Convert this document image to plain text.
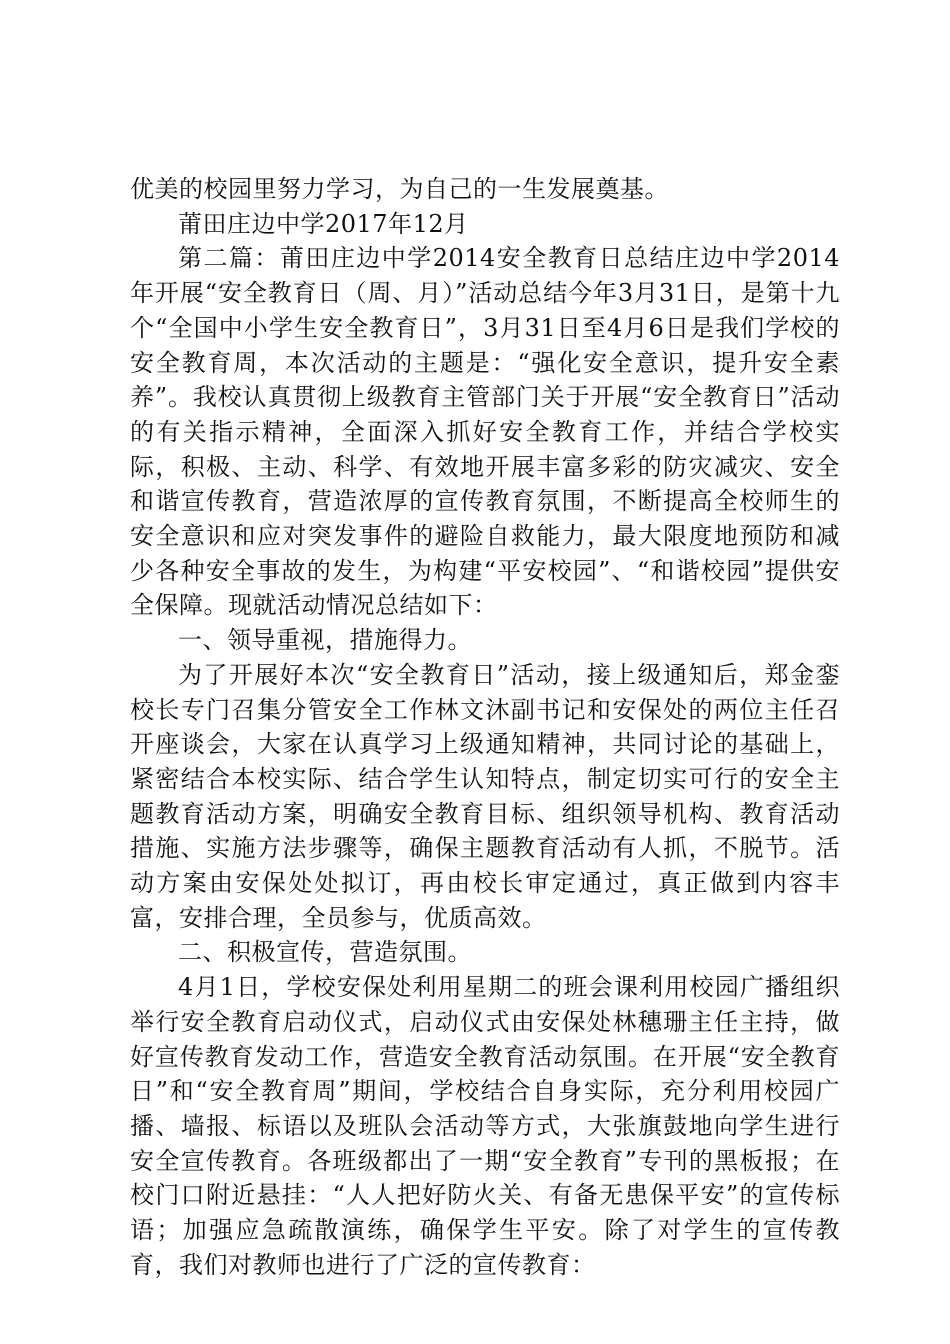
优美的校园里努力学习，为自己的一生发展奠基。

莆田庄边中学2017年12月

第二篇：莆田庄边中学2014安全教育日总结庄边中学2014年开展“安全教育日（周、月）”活动总结今年3月31日，是第十九个“全国中小学生安全教育日”，3月31日至4月6日是我们学校的安全教育周，本次活动的主题是：“强化安全意识，提升安全素养”。我校认真贯彻上级教育主管部门关于开展“安全教育日”活动的有关指示精神，全面深入抓好安全教育工作，并结合学校实际，积极、主动、科学、有效地开展丰富多彩的防灾减灾、安全和谐宣传教育，营造浓厚的宣传教育氛围，不断提高全校师生的安全意识和应对突发事件的避险自救能力，最大限度地预防和减少各种安全事故的发生，为构建“平安校园”、“和谐校园”提供安全保障。现就活动情况总结如下：

一、领导重视，措施得力。

为了开展好本次“安全教育日”活动，接上级通知后，郑金銮校长专门召集分管安全工作林文沐副书记和安保处的两位主任召开座谈会，大家在认真学习上级通知精神，共同讨论的基础上，紧密结合本校实际、结合学生认知特点，制定切实可行的安全主题教育活动方案，明确安全教育目标、组织领导机构、教育活动措施、实施方法步骤等，确保主题教育活动有人抓，不脱节。活动方案由安保处处拟订，再由校长审定通过，真正做到内容丰富，安排合理，全员参与，优质高效。

二、积极宣传，营造氛围。

4月1日，学校安保处利用星期二的班会课利用校园广播组织举行安全教育启动仪式，启动仪式由安保处林穗珊主任主持，做好宣传教育发动工作，营造安全教育活动氛围。在开展“安全教育日”和“安全教育周”期间，学校结合自身实际，充分利用校园广播、墙报、标语以及班队会活动等方式，大张旗鼓地向学生进行安全宣传教育。各班级都出了一期“安全教育”专刊的黑板报；在校门口附近悬挂：“人人把好防火关、有备无患保平安”的宣传标语；加强应急疏散演练，确保学生平安。除了对学生的宣传教育，我们对教师也进行了广泛的宣传教育：
